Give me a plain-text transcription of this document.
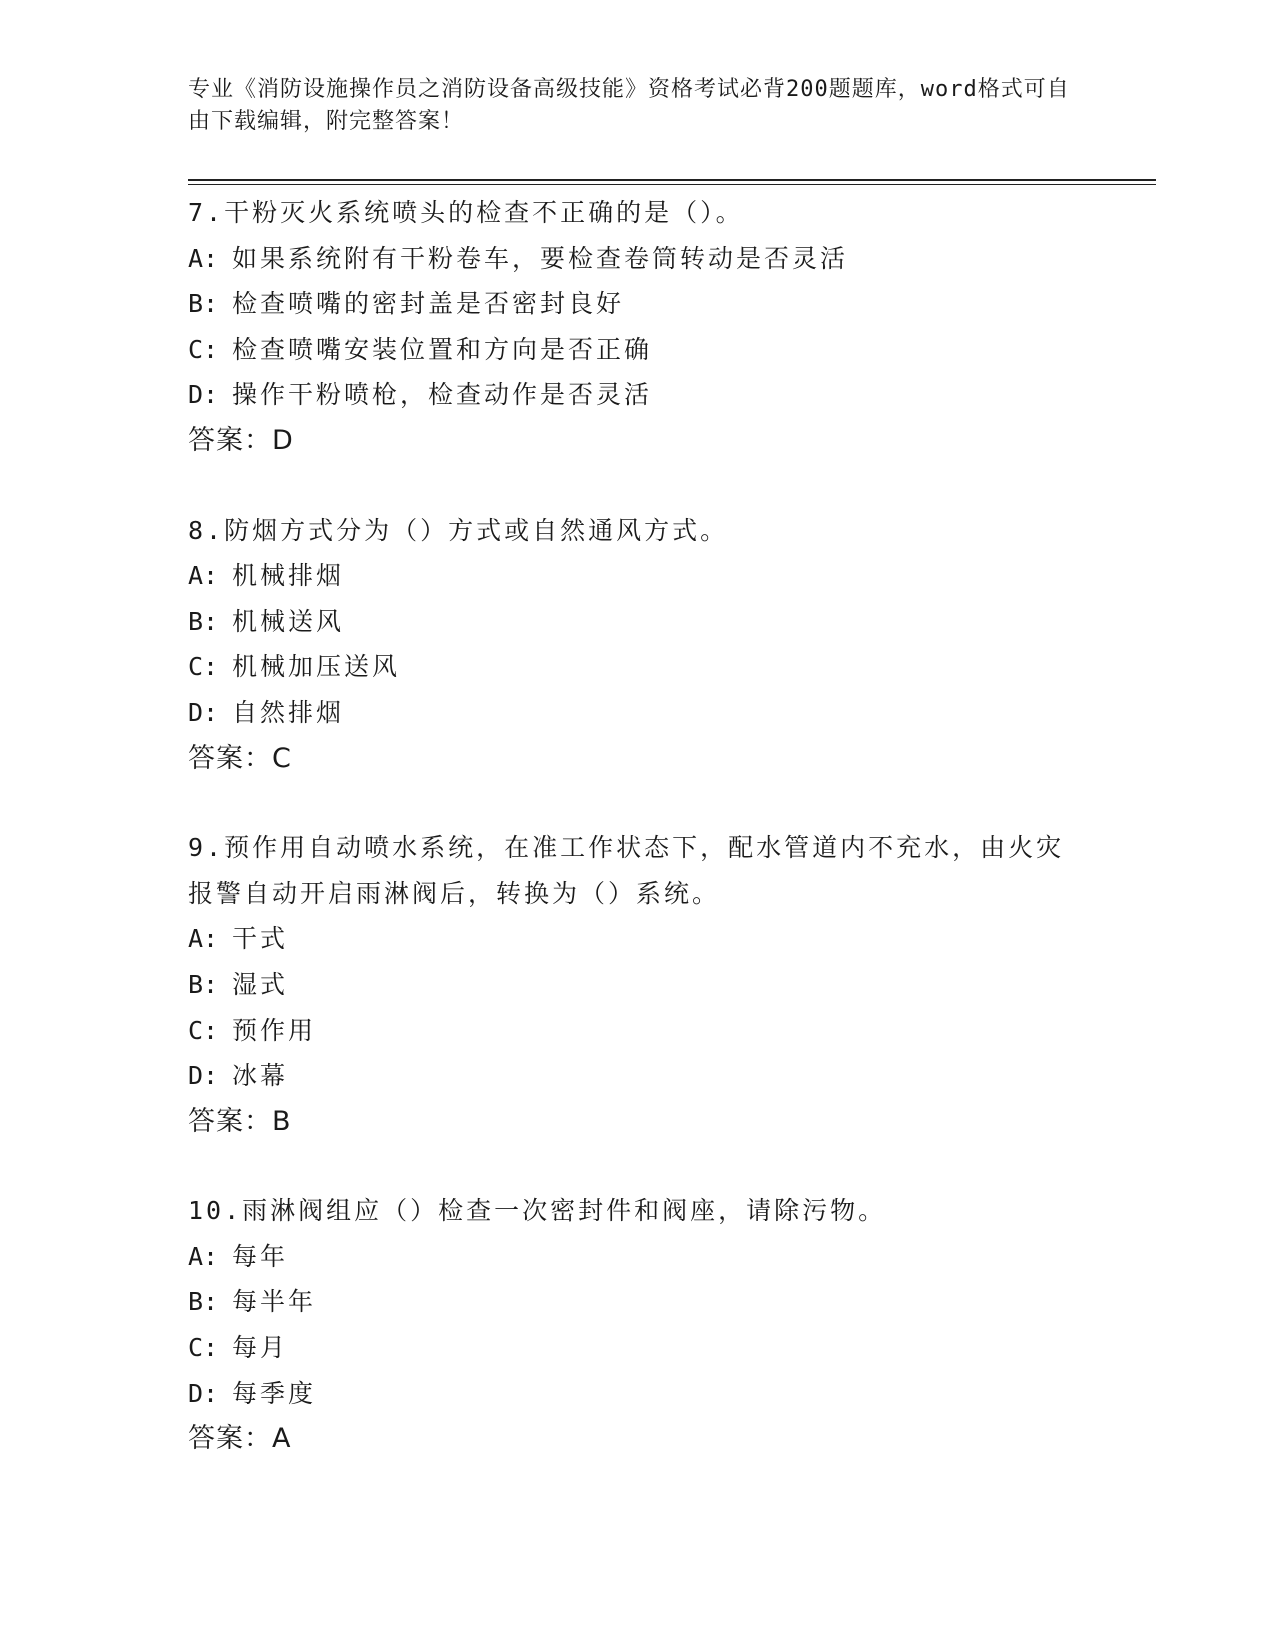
专业《消防设施操作员之消防设备高级技能》资格考试必背200题题库，word格式可自由下载编辑，附完整答案！
7.干粉灭火系统喷头的检查不正确的是（）。
A: 如果系统附有干粉卷车，要检查卷筒转动是否灵活
B: 检查喷嘴的密封盖是否密封良好
C: 检查喷嘴安装位置和方向是否正确
D: 操作干粉喷枪，检查动作是否灵活
答案：D
8.防烟方式分为（）方式或自然通风方式。
A: 机械排烟
B: 机械送风
C: 机械加压送风
D: 自然排烟
答案：C
9.预作用自动喷水系统，在准工作状态下，配水管道内不充水，由火灾报警自动开启雨淋阀后，转换为（）系统。
A: 干式
B: 湿式
C: 预作用
D: 冰幕
答案：B
10.雨淋阀组应（）检查一次密封件和阀座，请除污物。
A: 每年
B: 每半年
C: 每月
D: 每季度
答案：A
